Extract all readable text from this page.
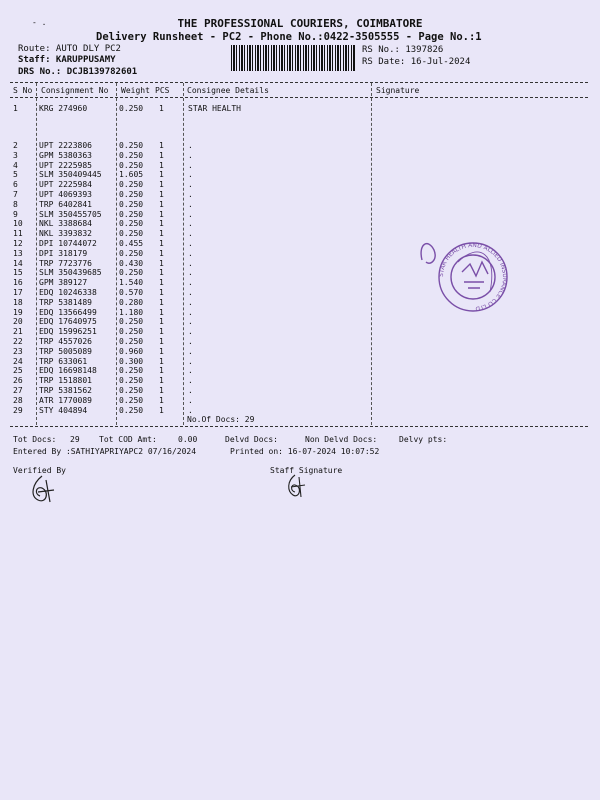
- .	THE PROFESSIONAL COURIERS, COIMBATORE
Delivery Runsheet - PC2 - Phone No.:0422-3505555 - Page No.:1
Route: AUTO DLY PC2
Staff: KARUPPUSAMY
DRS No.: DCJB139782601
RS No.: 1397826
RS Date: 16-Jul-2024
S No Consignment No Weight PCS Consignee Details	Signature
1	KRG 274960	0.250 1	STAR HEALTH
2	UPT 2223806	0.250 1	.
3	GPM 5380363	0.250 1	.
4	UPT 2225985	0.250 1	.
5	SLM 350409445 1.605 1	.
6	UPT 2225984	0.250 1	.
7	UPT 4069393	0.250 1	.
8	TRP 6402841	0.250 1	.
9	SLM 350455705 0.250 1	.
10 NKL 3388684	0.250 1	.
11 NKL 3393832	0.250 1	.
12 DPI 10744072	0.455 1	.
13 DPI 318179	0.250 1	.
14 TRP 7723776	0.430 1	.
15 SLM 350439685 0.250 1	.
16 GPM 389127	1.540 1	.
17 EDQ 10246338	0.570 1	.
18 TRP 5381489	0.280 1	.
19 EDQ 13566499	1.180 1	.
20 EDQ 17640975	0.250 1	.
21 EDQ 15996251	0.250 1	.
22 TRP 4557026	0.250 1	.
23 TRP 5005089	0.960 1	.
24 TRP 633061	0.300 1	.
25 EDQ 16698148	0.250 1	.
26 TRP 1518801	0.250 1	.
27 TRP 5381562	0.250 1	.
28 ATR 1770089	0.250 1	.
29 STY 404894	0.250 1	.
No.Of Docs: 29
STAR HEALTH AND ALLIED INSURANCE CO LTD
Tot Docs: 29 Tot COD Amt:	0.00	Delvd Docs:	Non Delvd Docs:	Delvy pts:
Entered By :SATHIYAPRIYAPC2 07/16/2024	Printed on: 16-07-2024 10:07:52
Verified By	Staff Signature
